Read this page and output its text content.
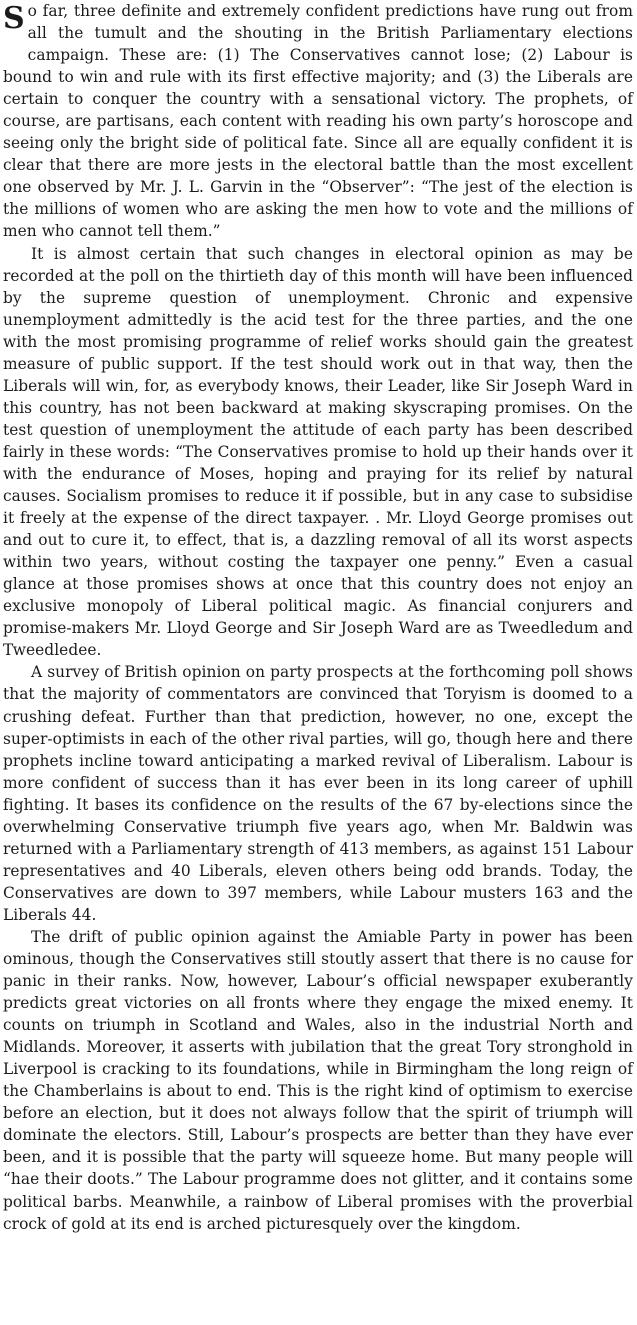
So far, three definite and extremely confident predictions have rung out from all the tumult and the shouting in the British Parliamentary elections campaign. These are: (1) The Conservatives cannot lose; (2) Labour is bound to win and rule with its first effective majority; and (3) the Liberals are certain to conquer the country with a sensational victory. The prophets, of course, are partisans, each content with reading his own party’s horoscope and seeing only the bright side of political fate. Since all are equally confident it is clear that there are more jests in the electoral battle than the most excellent one observed by Mr. J. L. Garvin in the “Observer”: “The jest of the election is the millions of women who are asking the men how to vote and the millions of men who cannot tell them.”

It is almost certain that such changes in electoral opinion as may be recorded at the poll on the thirtieth day of this month will have been influenced by the supreme question of unemployment. Chronic and expensive unemployment admittedly is the acid test for the three parties, and the one with the most promising programme of relief works should gain the greatest measure of public support. If the test should work out in that way, then the Liberals will win, for, as everybody knows, their Leader, like Sir Joseph Ward in this country, has not been backward at making skyscraping promises. On the test question of unemployment the attitude of each party has been described fairly in these words: “The Conservatives promise to hold up their hands over it with the endurance of Moses, hoping and praying for its relief by natural causes. Socialism promises to reduce it if possible, but in any case to subsidise it freely at the expense of the direct taxpayer. . Mr. Lloyd George promises out and out to cure it, to effect, that is, a dazzling removal of all its worst aspects within two years, without costing the taxpayer one penny.” Even a casual glance at those promises shows at once that this country does not enjoy an exclusive monopoly of Liberal political magic. As financial conjurers and promise-makers Mr. Lloyd George and Sir Joseph Ward are as Tweedledum and Tweedledee.

A survey of British opinion on party prospects at the forthcoming poll shows that the majority of commentators are convinced that Toryism is doomed to a crushing defeat. Further than that prediction, however, no one, except the super-optimists in each of the other rival parties, will go, though here and there prophets incline toward anticipating a marked revival of Liberalism. Labour is more confident of success than it has ever been in its long career of uphill fighting. It bases its confidence on the results of the 67 by-elections since the overwhelming Conservative triumph five years ago, when Mr. Baldwin was returned with a Parliamentary strength of 413 members, as against 151 Labour representatives and 40 Liberals, eleven others being odd brands. Today, the Conservatives are down to 397 members, while Labour musters 163 and the Liberals 44.

The drift of public opinion against the Amiable Party in power has been ominous, though the Conservatives still stoutly assert that there is no cause for panic in their ranks. Now, however, Labour’s official newspaper exuberantly predicts great victories on all fronts where they engage the mixed enemy. It counts on triumph in Scotland and Wales, also in the industrial North and Midlands. Moreover, it asserts with jubilation that the great Tory stronghold in Liverpool is cracking to its foundations, while in Birmingham the long reign of the Chamberlains is about to end. This is the right kind of optimism to exercise before an election, but it does not always follow that the spirit of triumph will dominate the electors. Still, Labour’s prospects are better than they have ever been, and it is possible that the party will squeeze home. But many people will “hae their doots.” The Labour programme does not glitter, and it contains some political barbs. Meanwhile, a rainbow of Liberal promises with the proverbial crock of gold at its end is arched picturesquely over the kingdom.
